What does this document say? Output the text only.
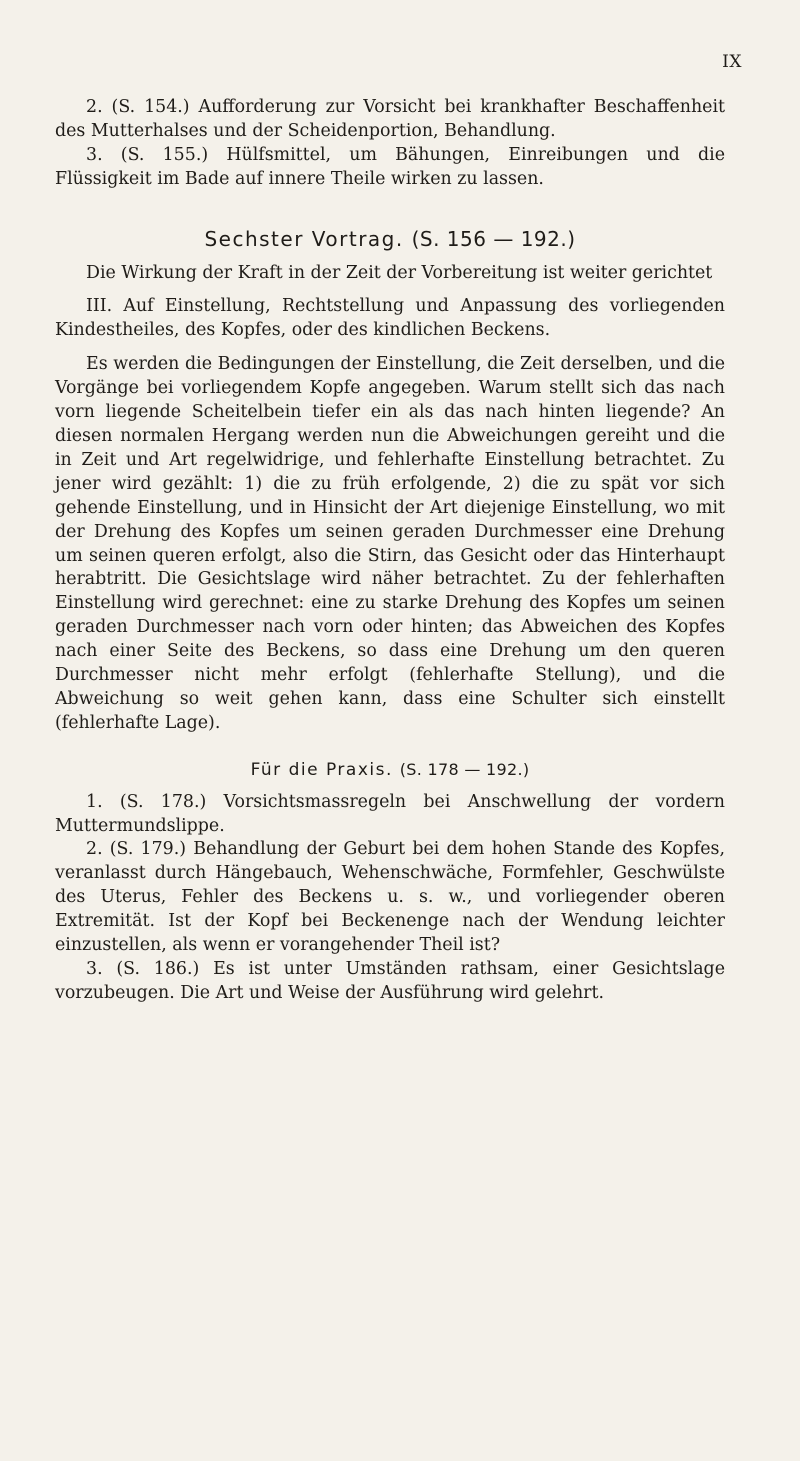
IX

2. (S. 154.) Aufforderung zur Vorsicht bei krankhafter Beschaffenheit des Mutterhalses und der Scheidenportion, Behandlung.

3. (S. 155.) Hülfsmittel, um Bähungen, Einreibungen und die Flüssigkeit im Bade auf innere Theile wirken zu lassen.

Sechster Vortrag. (S. 156 — 192.)

Die Wirkung der Kraft in der Zeit der Vorbereitung ist weiter gerichtet

III. Auf Einstellung, Rechtstellung und Anpassung des vorliegenden Kindestheiles, des Kopfes, oder des kindlichen Beckens.

Es werden die Bedingungen der Einstellung, die Zeit derselben, und die Vorgänge bei vorliegendem Kopfe angegeben. Warum stellt sich das nach vorn liegende Scheitelbein tiefer ein als das nach hinten liegende? An diesen normalen Hergang werden nun die Abweichungen gereiht und die in Zeit und Art regelwidrige, und fehlerhafte Einstellung betrachtet. Zu jener wird gezählt: 1) die zu früh erfolgende, 2) die zu spät vor sich gehende Einstellung, und in Hinsicht der Art diejenige Einstellung, wo mit der Drehung des Kopfes um seinen geraden Durchmesser eine Drehung um seinen queren erfolgt, also die Stirn, das Gesicht oder das Hinterhaupt herabtritt. Die Gesichtslage wird näher betrachtet. Zu der fehlerhaften Einstellung wird gerechnet: eine zu starke Drehung des Kopfes um seinen geraden Durchmesser nach vorn oder hinten; das Abweichen des Kopfes nach einer Seite des Beckens, so dass eine Drehung um den queren Durchmesser nicht mehr erfolgt (fehlerhafte Stellung), und die Abweichung so weit gehen kann, dass eine Schulter sich einstellt (fehlerhafte Lage).

Für die Praxis. (S. 178 — 192.)

1. (S. 178.) Vorsichtsmassregeln bei Anschwellung der vordern Muttermundslippe.

2. (S. 179.) Behandlung der Geburt bei dem hohen Stande des Kopfes, veranlasst durch Hängebauch, Wehenschwäche, Formfehler, Geschwülste des Uterus, Fehler des Beckens u. s. w., und vorliegender oberen Extremität. Ist der Kopf bei Beckenenge nach der Wendung leichter einzustellen, als wenn er vorangehender Theil ist?

3. (S. 186.) Es ist unter Umständen rathsam, einer Gesichtslage vorzubeugen. Die Art und Weise der Ausführung wird gelehrt.
